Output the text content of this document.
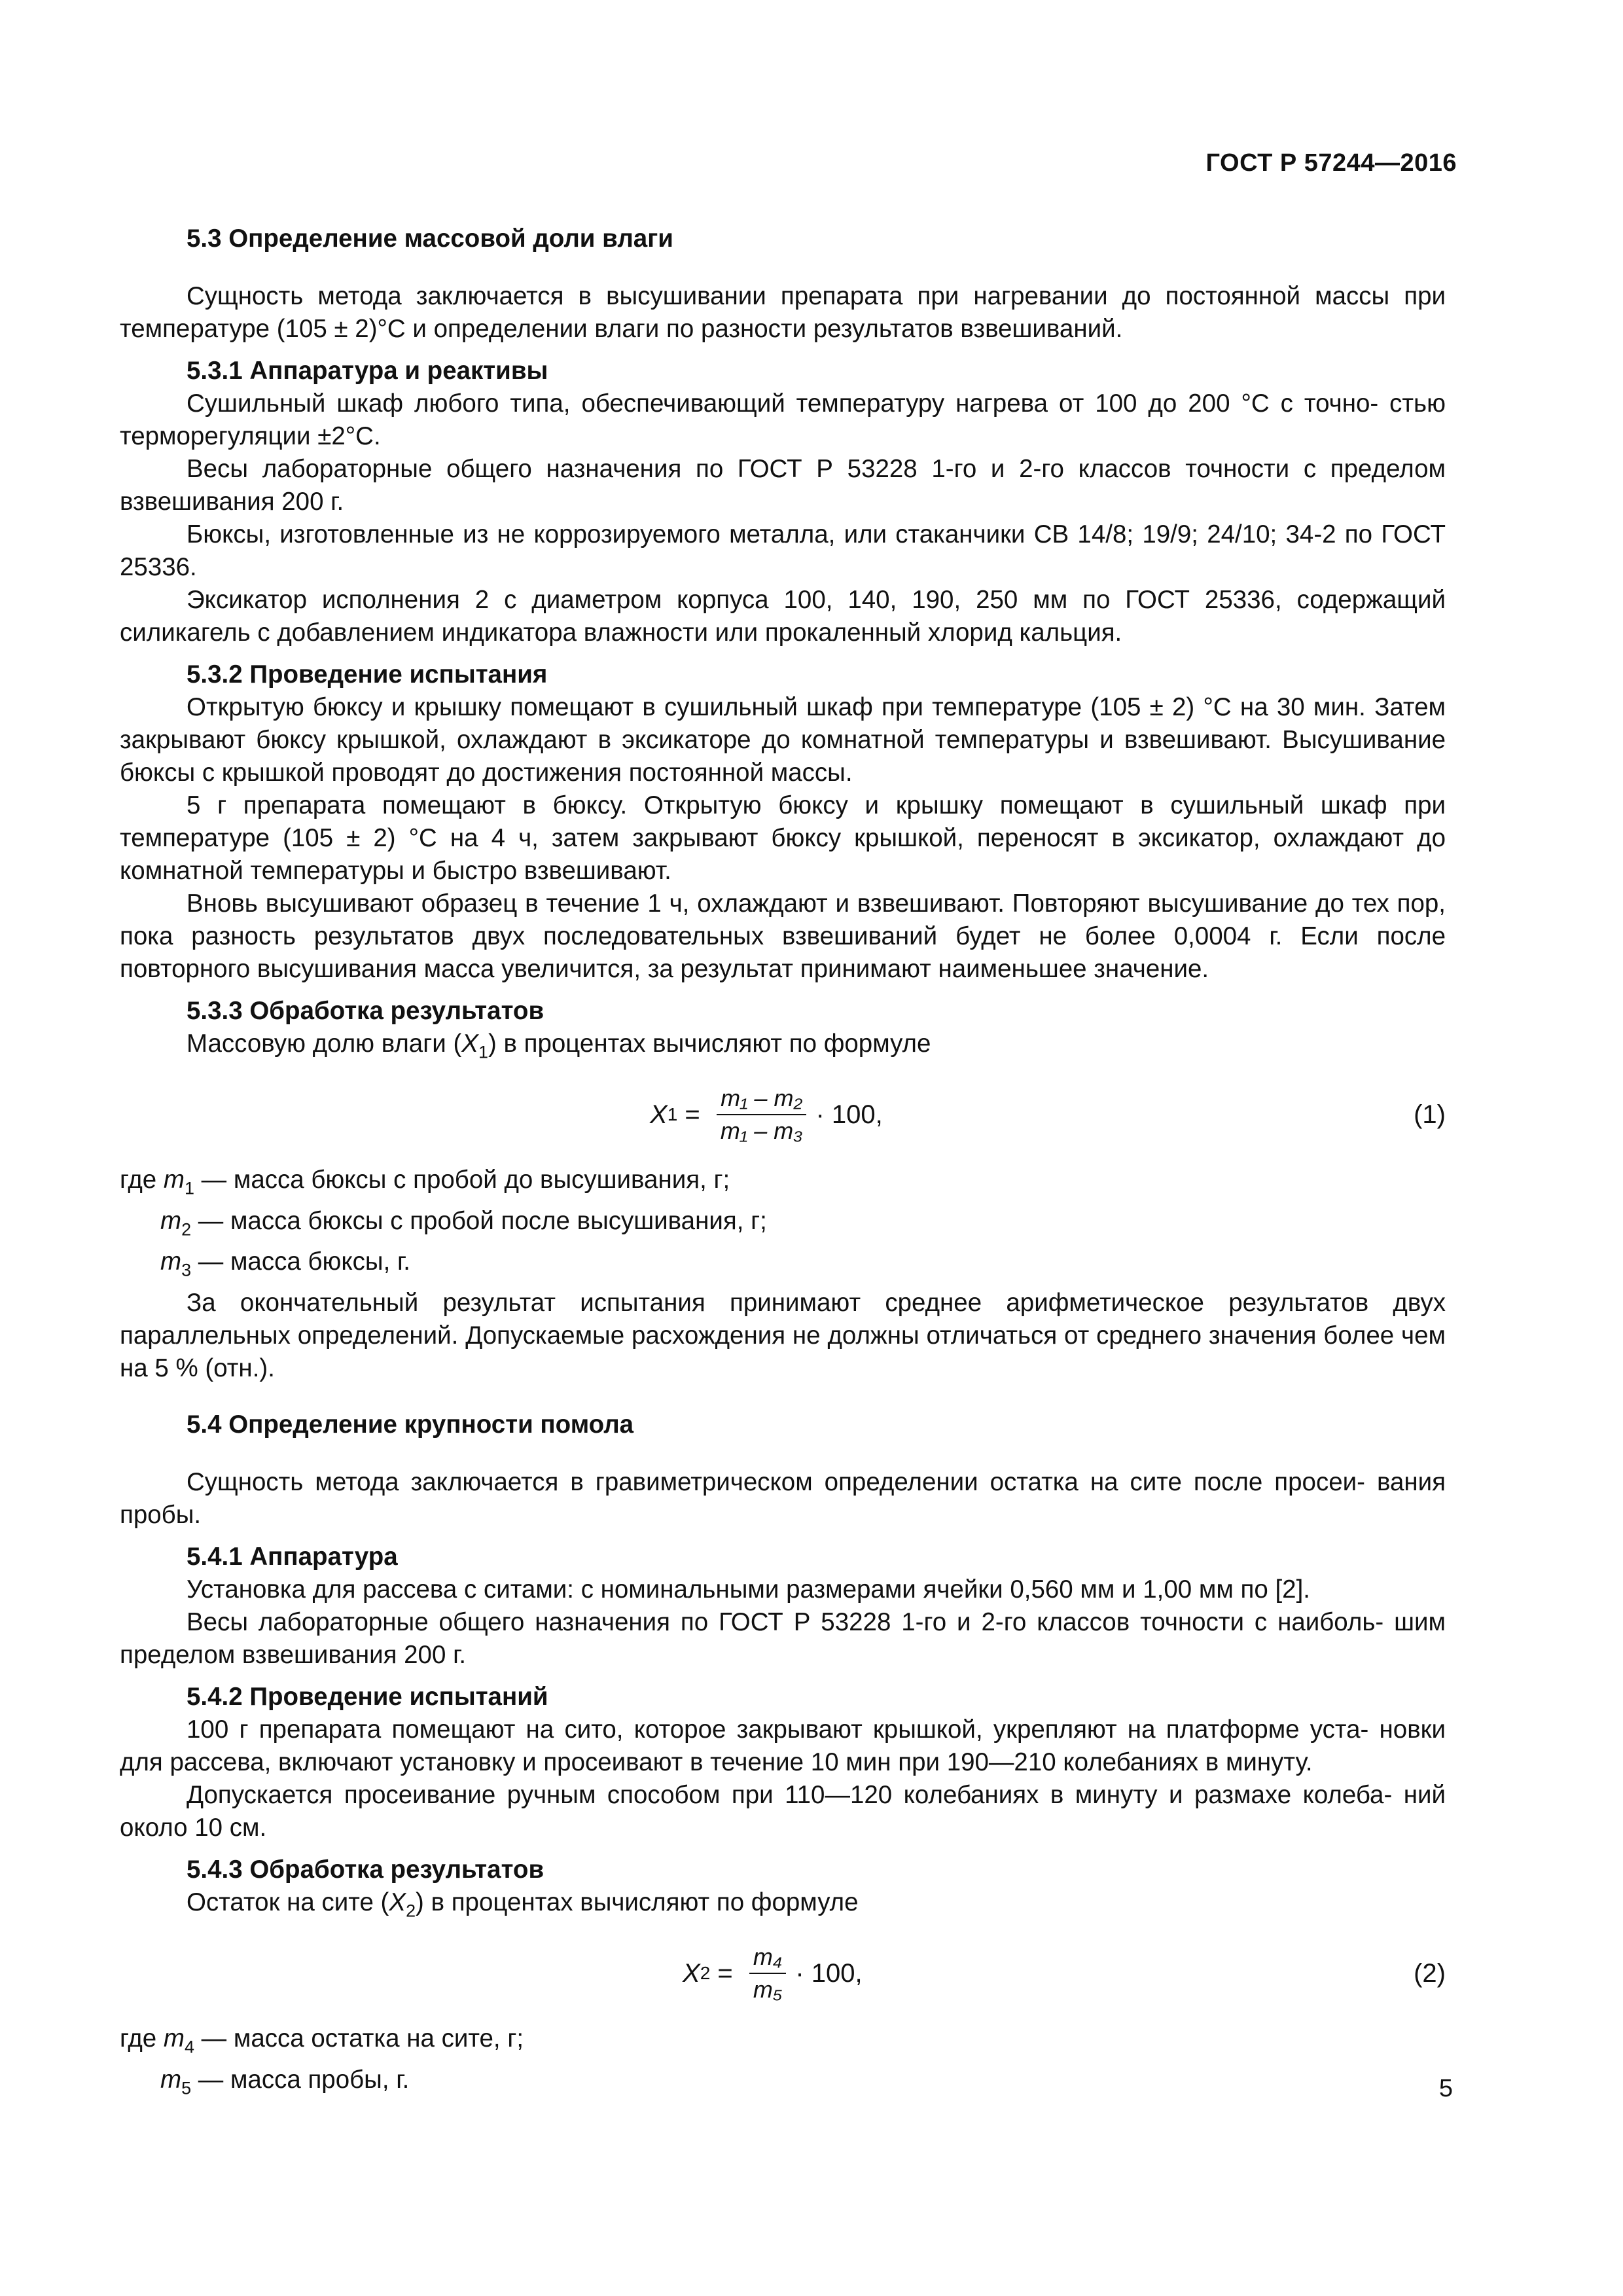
ГОСТ Р 57244—2016
5.3 Определение массовой доли влаги

Сущность метода заключается в высушивании препарата при нагревании до постоянной массы при температуре (105 ± 2)°С и определении влаги по разности результатов взвешиваний.

5.3.1 Аппаратура и реактивы

Сушильный шкаф любого типа, обеспечивающий температуру нагрева от 100 до 200 °С с точно- стью терморегуляции ±2°С.

Весы лабораторные общего назначения по ГОСТ Р 53228 1-го и 2-го классов точности с пределом взвешивания 200 г.

Бюксы, изготовленные из не коррозируемого металла, или стаканчики СВ 14/8; 19/9; 24/10; 34-2 по ГОСТ 25336.

Эксикатор исполнения 2 с диаметром корпуса 100, 140, 190, 250 мм по ГОСТ 25336, содержащий силикагель с добавлением индикатора влажности или прокаленный хлорид кальция.

5.3.2 Проведение испытания

Открытую бюксу и крышку помещают в сушильный шкаф при температуре (105 ± 2) °С на 30 мин. Затем закрывают бюксу крышкой, охлаждают в эксикаторе до комнатной температуры и взвешивают. Высушивание бюксы с крышкой проводят до достижения постоянной массы.

5 г препарата помещают в бюксу. Открытую бюксу и крышку помещают в сушильный шкаф при температуре (105 ± 2) °С на 4 ч, затем закрывают бюксу крышкой, переносят в эксикатор, охлаждают до комнатной температуры и быстро взвешивают.

Вновь высушивают образец в течение 1 ч, охлаждают и взвешивают. Повторяют высушивание до тех пор, пока разность результатов двух последовательных взвешиваний будет не более 0,0004 г. Если после повторного высушивания масса увеличится, за результат принимают наименьшее значение.

5.3.3 Обработка результатов

Массовую долю влаги $(X_1)$ в процентах вычисляют по формуле

X $1 = \frac{\text{m₁ – m₂}}{\text{m₁ – m₃}} \cdot 100$,	(1)
где $m_1$ — масса бюксы с пробой до высушивания, г;
$m_2$ — масса бюксы с пробой после высушивания, г;
$m_3$ — масса бюксы, г.

За окончательный результат испытания принимают среднее арифметическое результатов двух параллельных определений. Допускаемые расхождения не должны отличаться от среднего значения более чем на 5 % (отн.).

5.4 Определение крупности помола

Сущность метода заключается в гравиметрическом определении остатка на сите после просеи- вания пробы.

5.4.1 Аппаратура

Установка для рассева с ситами: с номинальными размерами ячейки 0,560 мм и 1,00 мм по [2].

Весы лабораторные общего назначения по ГОСТ Р 53228 1-го и 2-го классов точности с наиболь- шим пределом взвешивания 200 г.

5.4.2 Проведение испытаний

100 г препарата помещают на сито, которое закрывают крышкой, укрепляют на платформе уста- новки для рассева, включают установку и просеивают в течение 10 мин при 190—210 колебаниях в минуту.

Допускается просеивание ручным способом при 110—120 колебаниях в минуту и размахе колеба- ний около 10 см.

5.4.3 Обработка результатов

Остаток на сите $(X_2)$ в процентах вычисляют по формуле

X $2 = \frac{\text{m₄}}{\text{m₅}} \cdot 100$,	(2)
где $m_4$ — масса остатка на сите, г;
$m_5$ — масса пробы, г.	5
